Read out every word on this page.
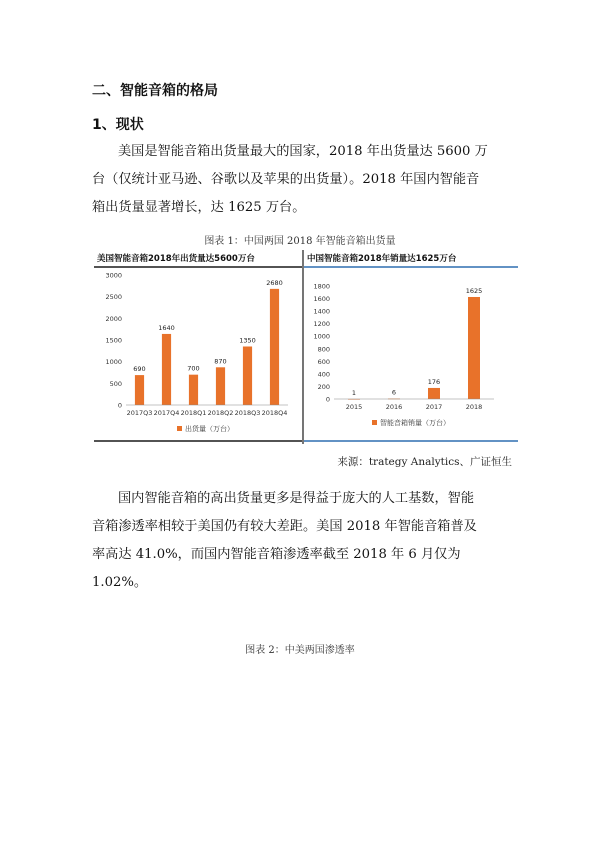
二、智能音箱的格局
1、现状
美国是智能音箱出货量最大的国家，2018 年出货量达 5600 万
台（仅统计亚马逊、谷歌以及苹果的出货量）。2018 年国内智能音
箱出货量显著增长，达 1625 万台。
图表 1：中国两国 2018 年智能音箱出货量
美国智能音箱2018年出货量达5600万台
0
500
1000
1500
2000
2500
3000
690
1640
700
870
1350
2680
2017Q3 2017Q4 2018Q1 2018Q2 2018Q3 2018Q4
出货量（万台）
中国智能音箱2018年销量达1625万台
0
200
400
600
800
1000
1200
1400
1600
1800
1	6
176
1625
2015	2016	2017	2018
智能音箱销量（万台）
来源：trategy Analytics、广证恒生
国内智能音箱的高出货量更多是得益于庞大的人工基数，智能
音箱渗透率相较于美国仍有较大差距。美国 2018 年智能音箱普及
率高达 41.0%，而国内智能音箱渗透率截至 2018 年 6 月仅为
1.02%。
图表 2：中美两国渗透率
